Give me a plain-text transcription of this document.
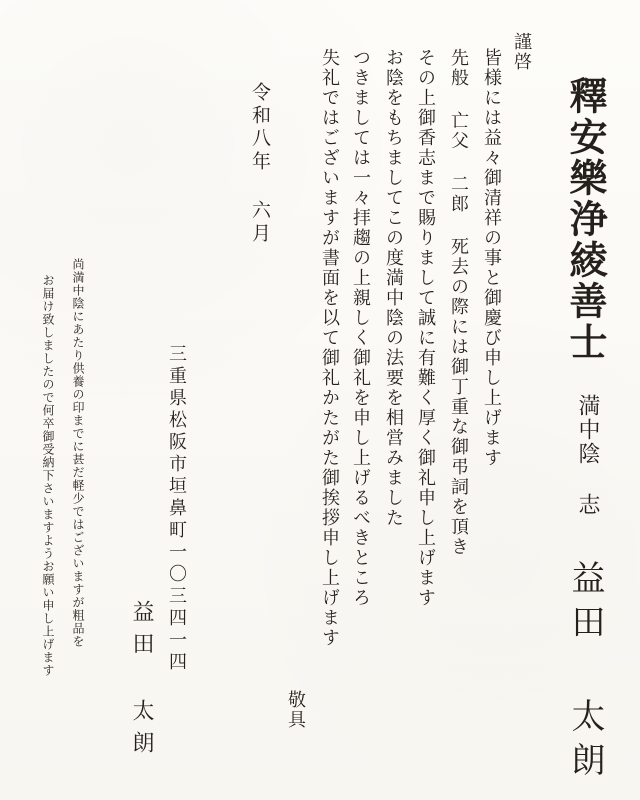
釋安樂浄綾善士
満中陰 志
益田 太朗
謹啓
皆様には益々御清祥の事と御慶び申し上げます
先般 亡父 二郎 死去の際には御丁重な御弔詞を頂き
その上御香志まで賜りまして誠に有難く厚く御礼申し上げます
お陰をもちましてこの度満中陰の法要を相営みました
つきましては一々拝趨の上親しく御礼を申し上げるべきところ
失礼ではございますが書面を以て御礼かたがた御挨拶申し上げます
敬具
令和八年 六月
三重県松阪市垣鼻町一〇三四一四
益田 太朗
尚満中陰にあたり供養の印までに甚だ軽少ではございますが粗品を
お届け致しましたので何卒御受納下さいますようお願い申し上げます
